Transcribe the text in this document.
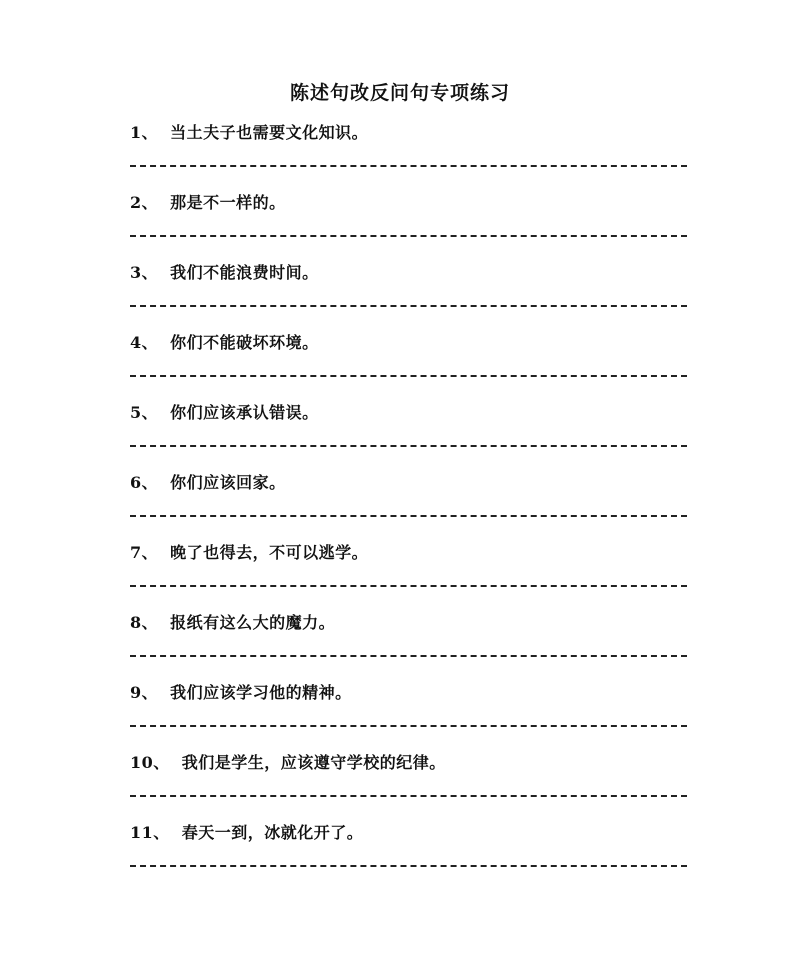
陈述句改反问句专项练习
1、 当土夫子也需要文化知识。
2、 那是不一样的。
3、 我们不能浪费时间。
4、 你们不能破坏环境。
5、 你们应该承认错误。
6、 你们应该回家。
7、 晚了也得去，不可以逃学。
8、 报纸有这么大的魔力。
9、 我们应该学习他的精神。
10、 我们是学生，应该遵守学校的纪律。
11、 春天一到，冰就化开了。
